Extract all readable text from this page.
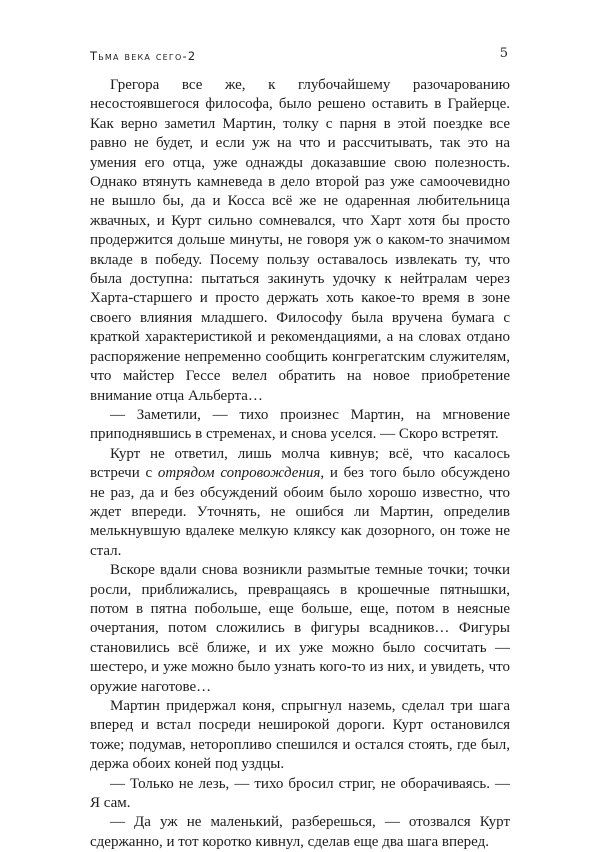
Тьма века сего-2	5

Грегора все же, к глубочайшему разочарованию несостоявшегося философа, было решено оставить в Грайерце. Как верно заметил Мартин, толку с парня в этой поездке все равно не будет, и если уж на что и рассчитывать, так это на умения его отца, уже однажды доказавшие свою полезность. Однако втянуть камневеда в дело второй раз уже самоочевидно не вышло бы, да и Косса всё же не одаренная любительница жвачных, и Курт сильно сомневался, что Харт хотя бы просто продержится дольше минуты, не говоря уж о каком-то значимом вкладе в победу. Посему пользу оставалось извлекать ту, что была доступна: пытаться закинуть удочку к нейтралам через Харта-старшего и просто держать хоть какое-то время в зоне своего влияния младшего. Философу была вручена бумага с краткой характеристикой и рекомендациями, а на словах отдано распоряжение непременно сообщить конгрегатским служителям, что майстер Гессе велел обратить на новое приобретение внимание отца Альберта…

— Заметили, — тихо произнес Мартин, на мгновение приподнявшись в стременах, и снова уселся. — Скоро встретят.

Курт не ответил, лишь молча кивнув; всё, что касалось встречи с отрядом сопровождения, и без того было обсуждено не раз, да и без обсуждений обоим было хорошо известно, что ждет впереди. Уточнять, не ошибся ли Мартин, определив мелькнувшую вдалеке мелкую кляксу как дозорного, он тоже не стал.

Вскоре вдали снова возникли размытые темные точки; точки росли, приближались, превращаясь в крошечные пятнышки, потом в пятна побольше, еще больше, еще, потом в неясные очертания, потом сложились в фигуры всадников… Фигуры становились всё ближе, и их уже можно было сосчитать — шестеро, и уже можно было узнать кого-то из них, и увидеть, что оружие наготове…

Мартин придержал коня, спрыгнул наземь, сделал три шага вперед и встал посреди неширокой дороги. Курт остановился тоже; подумав, неторопливо спешился и остался стоять, где был, держа обоих коней под уздцы.

— Только не лезь, — тихо бросил стриг, не оборачиваясь. — Я сам.

— Да уж не маленький, разберешься, — отозвался Курт сдержанно, и тот коротко кивнул, сделав еще два шага вперед.
